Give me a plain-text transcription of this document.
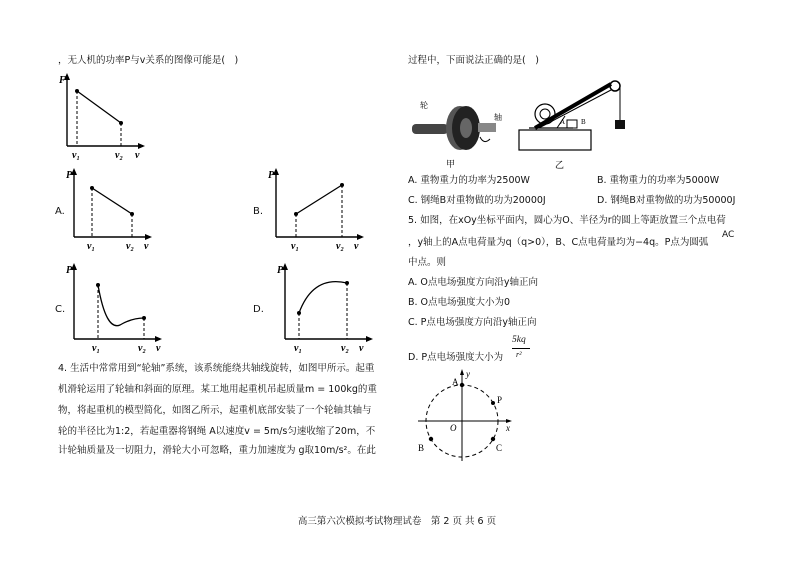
，无人机的功率P与v关系的图像可能是(　)
F
v₁	v₂ v
A.
P
v₁	v₂ v
B.
P
v₁	v₂ v
C.
P
v₁	v₂ v
D.
P
v₁	v₂ v
4. 生活中常常用到“轮轴”系统，该系统能绕共轴线旋转，如图甲所示。起重
机滑轮运用了轮轴和斜面的原理。某工地用起重机吊起质量m = 100kg的重
物，将起重机的模型简化，如图乙所示，起重机底部安装了一个轮轴其轴与
轮的半径比为1:2，若起重器将钢绳 A以速度v = 5m/s匀速收缩了20m，不
计轮轴质量及一切阻力，滑轮大小可忽略，重力加速度为 g取10m/s²。在此
过程中，下面说法正确的是(　)
轮
轴
甲
A B
乙
A. 重物重力的功率为2500W	B. 重物重力的功率为5000W
C. 钢绳B对重物做的功为20000J	D. 钢绳B对重物做的功为50000J
5. 如图，在xOy坐标平面内，圆心为O、半径为r的圆上等距放置三个点电荷
，y轴上的A点电荷量为q（q>0），B、C点电荷量均为−4q。P点为圆弧
AC
中点。则
A. O点电场强度方向沿y轴正向
B. O点电场强度大小为0
C. P点电场强度方向沿y轴正向
D. P点电场强度大小为
5kq
r²
y
x
O
A
B	C
P
高三第六次模拟考试物理试卷　第 2 页 共 6 页
